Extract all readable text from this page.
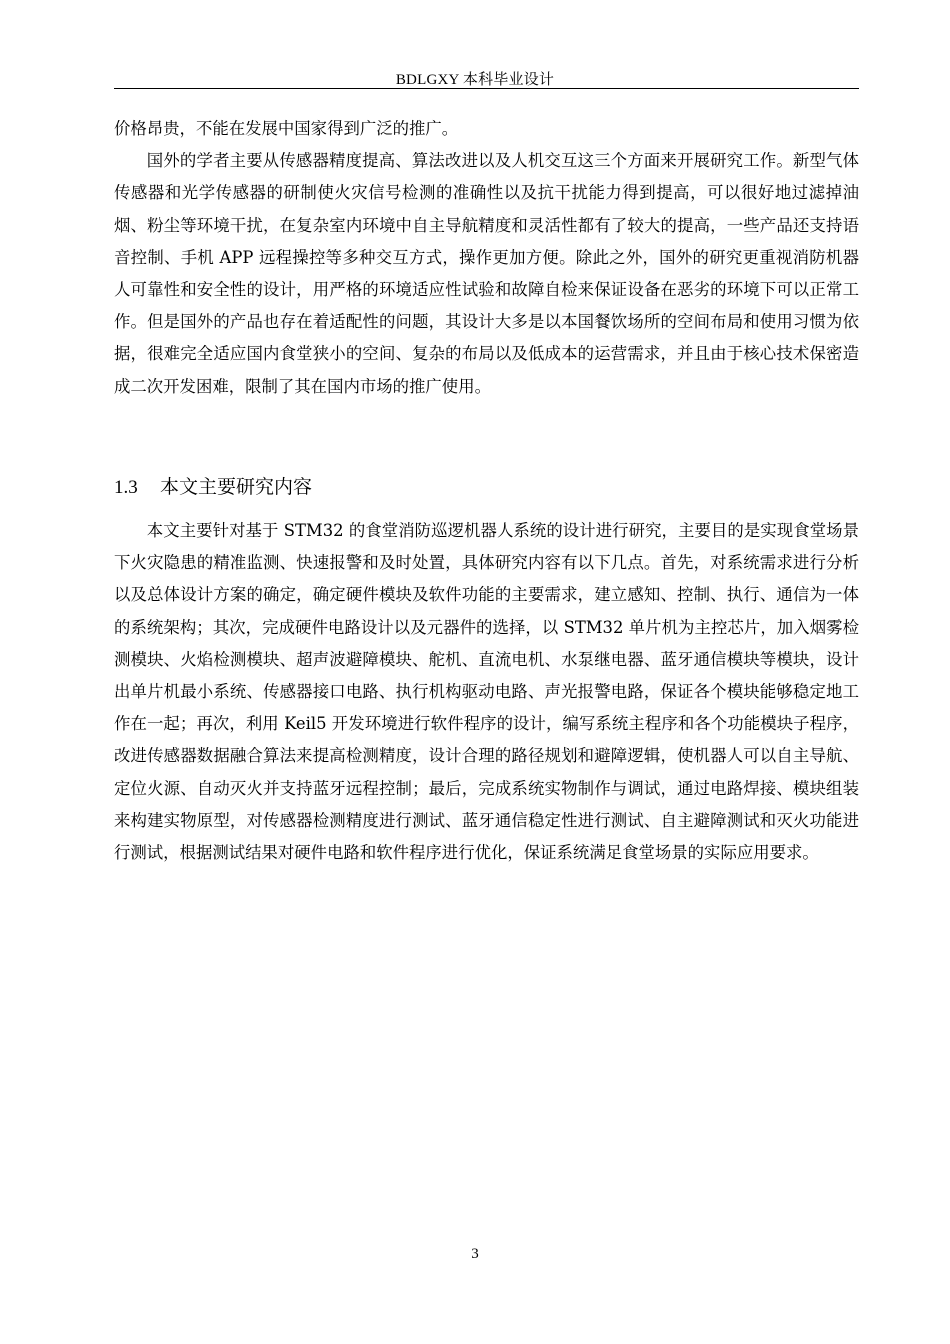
BDLGXY 本科毕业设计

价格昂贵，不能在发展中国家得到广泛的推广。

国外的学者主要从传感器精度提高、算法改进以及人机交互这三个方面来开展研究工作。新型气体传感器和光学传感器的研制使火灾信号检测的准确性以及抗干扰能力得到提高，可以很好地过滤掉油烟、粉尘等环境干扰，在复杂室内环境中自主导航精度和灵活性都有了较大的提高，一些产品还支持语音控制、手机 APP 远程操控等多种交互方式，操作更加方便。除此之外，国外的研究更重视消防机器人可靠性和安全性的设计，用严格的环境适应性试验和故障自检来保证设备在恶劣的环境下可以正常工作。但是国外的产品也存在着适配性的问题，其设计大多是以本国餐饮场所的空间布局和使用习惯为依据，很难完全适应国内食堂狭小的空间、复杂的布局以及低成本的运营需求，并且由于核心技术保密造成二次开发困难，限制了其在国内市场的推广使用。

1.3 本文主要研究内容

本文主要针对基于 STM32 的食堂消防巡逻机器人系统的设计进行研究，主要目的是实现食堂场景下火灾隐患的精准监测、快速报警和及时处置，具体研究内容有以下几点。首先，对系统需求进行分析以及总体设计方案的确定，确定硬件模块及软件功能的主要需求，建立感知、控制、执行、通信为一体的系统架构；其次，完成硬件电路设计以及元器件的选择，以 STM32 单片机为主控芯片，加入烟雾检测模块、火焰检测模块、超声波避障模块、舵机、直流电机、水泵继电器、蓝牙通信模块等模块，设计出单片机最小系统、传感器接口电路、执行机构驱动电路、声光报警电路，保证各个模块能够稳定地工作在一起；再次，利用 Keil5 开发环境进行软件程序的设计，编写系统主程序和各个功能模块子程序，改进传感器数据融合算法来提高检测精度，设计合理的路径规划和避障逻辑，使机器人可以自主导航、定位火源、自动灭火并支持蓝牙远程控制；最后，完成系统实物制作与调试，通过电路焊接、模块组装来构建实物原型，对传感器检测精度进行测试、蓝牙通信稳定性进行测试、自主避障测试和灭火功能进行测试，根据测试结果对硬件电路和软件程序进行优化，保证系统满足食堂场景的实际应用要求。

3
